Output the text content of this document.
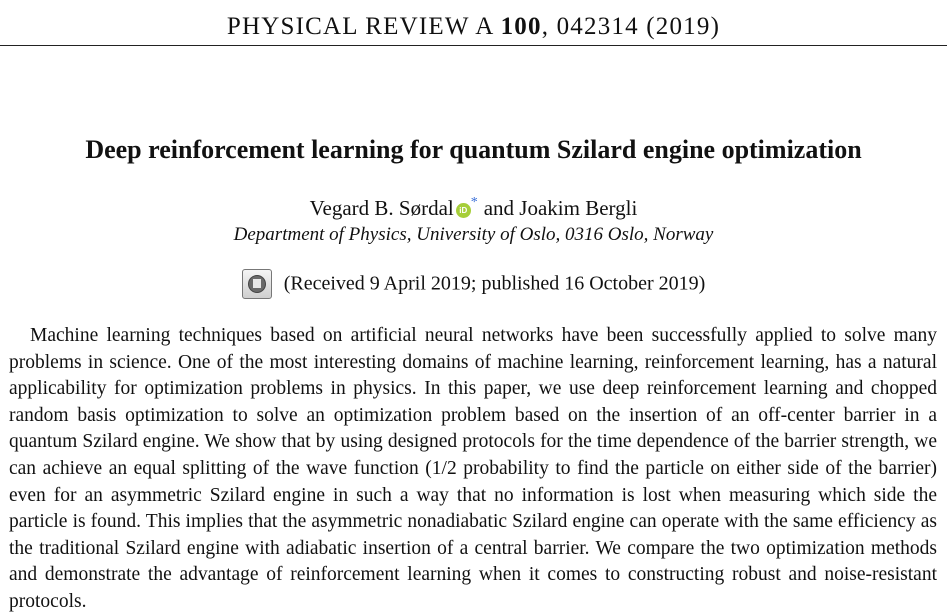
PHYSICAL REVIEW A 100, 042314 (2019)
Deep reinforcement learning for quantum Szilard engine optimization
Vegard B. Sørdal iD* and Joakim Bergli
Department of Physics, University of Oslo, 0316 Oslo, Norway
(Received 9 April 2019; published 16 October 2019)
Machine learning techniques based on artificial neural networks have been successfully applied to solve many problems in science. One of the most interesting domains of machine learning, reinforcement learning, has a natural applicability for optimization problems in physics. In this paper, we use deep reinforcement learning and chopped random basis optimization to solve an optimization problem based on the insertion of an off-center barrier in a quantum Szilard engine. We show that by using designed protocols for the time dependence of the barrier strength, we can achieve an equal splitting of the wave function (1/2 probability to find the particle on either side of the barrier) even for an asymmetric Szilard engine in such a way that no information is lost when measuring which side the particle is found. This implies that the asymmetric nonadiabatic Szilard engine can operate with the same efficiency as the traditional Szilard engine with adiabatic insertion of a central barrier. We compare the two optimization methods and demonstrate the advantage of reinforcement learning when it comes to constructing robust and noise-resistant protocols.
